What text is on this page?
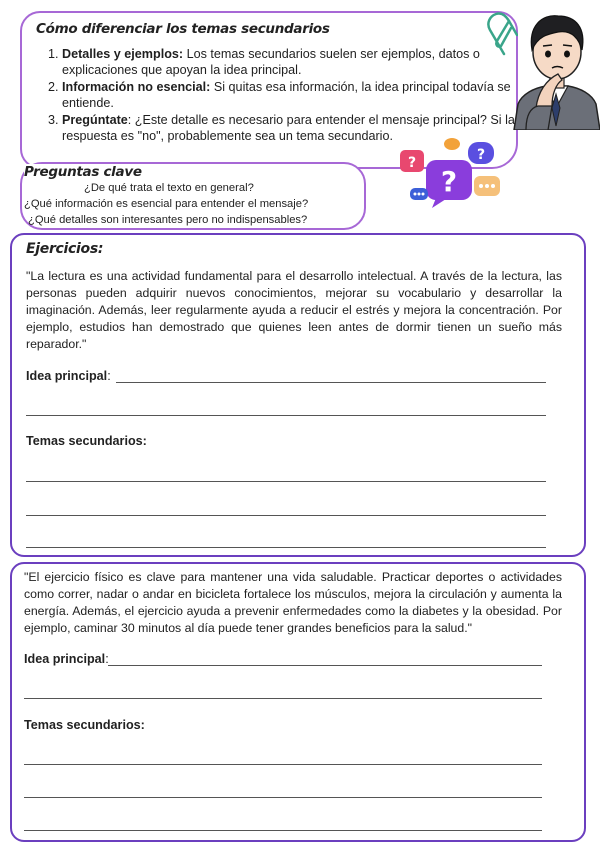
Cómo diferenciar los temas secundarios
1. Detalles y ejemplos: Los temas secundarios suelen ser ejemplos, datos o explicaciones que apoyan la idea principal.
2. Información no esencial: Si quitas esa información, la idea principal todavía se entiende.
3. Pregúntate: ¿Este detalle es necesario para entender el mensaje principal? Si la respuesta es "no", probablemente sea un tema secundario.
Preguntas clave
¿De qué trata el texto en general?
¿Qué información es esencial para entender el mensaje?
¿Qué detalles son interesantes pero no indispensables?
?	?
?
Ejercicios:
"La lectura es una actividad fundamental para el desarrollo intelectual. A través de la lectura, las personas pueden adquirir nuevos conocimientos, mejorar su vocabulario y desarrollar la imaginación. Además, leer regularmente ayuda a reducir el estrés y mejora la concentración. Por ejemplo, estudios han demostrado que quienes leen antes de dormir tienen un sueño más reparador."
Idea principal:
Temas secundarios:
"El ejercicio físico es clave para mantener una vida saludable. Practicar deportes o actividades como correr, nadar o andar en bicicleta fortalece los músculos, mejora la circulación y aumenta la energía. Además, el ejercicio ayuda a prevenir enfermedades como la diabetes y la obesidad. Por ejemplo, caminar 30 minutos al día puede tener grandes beneficios para la salud."
Idea principal:
Temas secundarios:
